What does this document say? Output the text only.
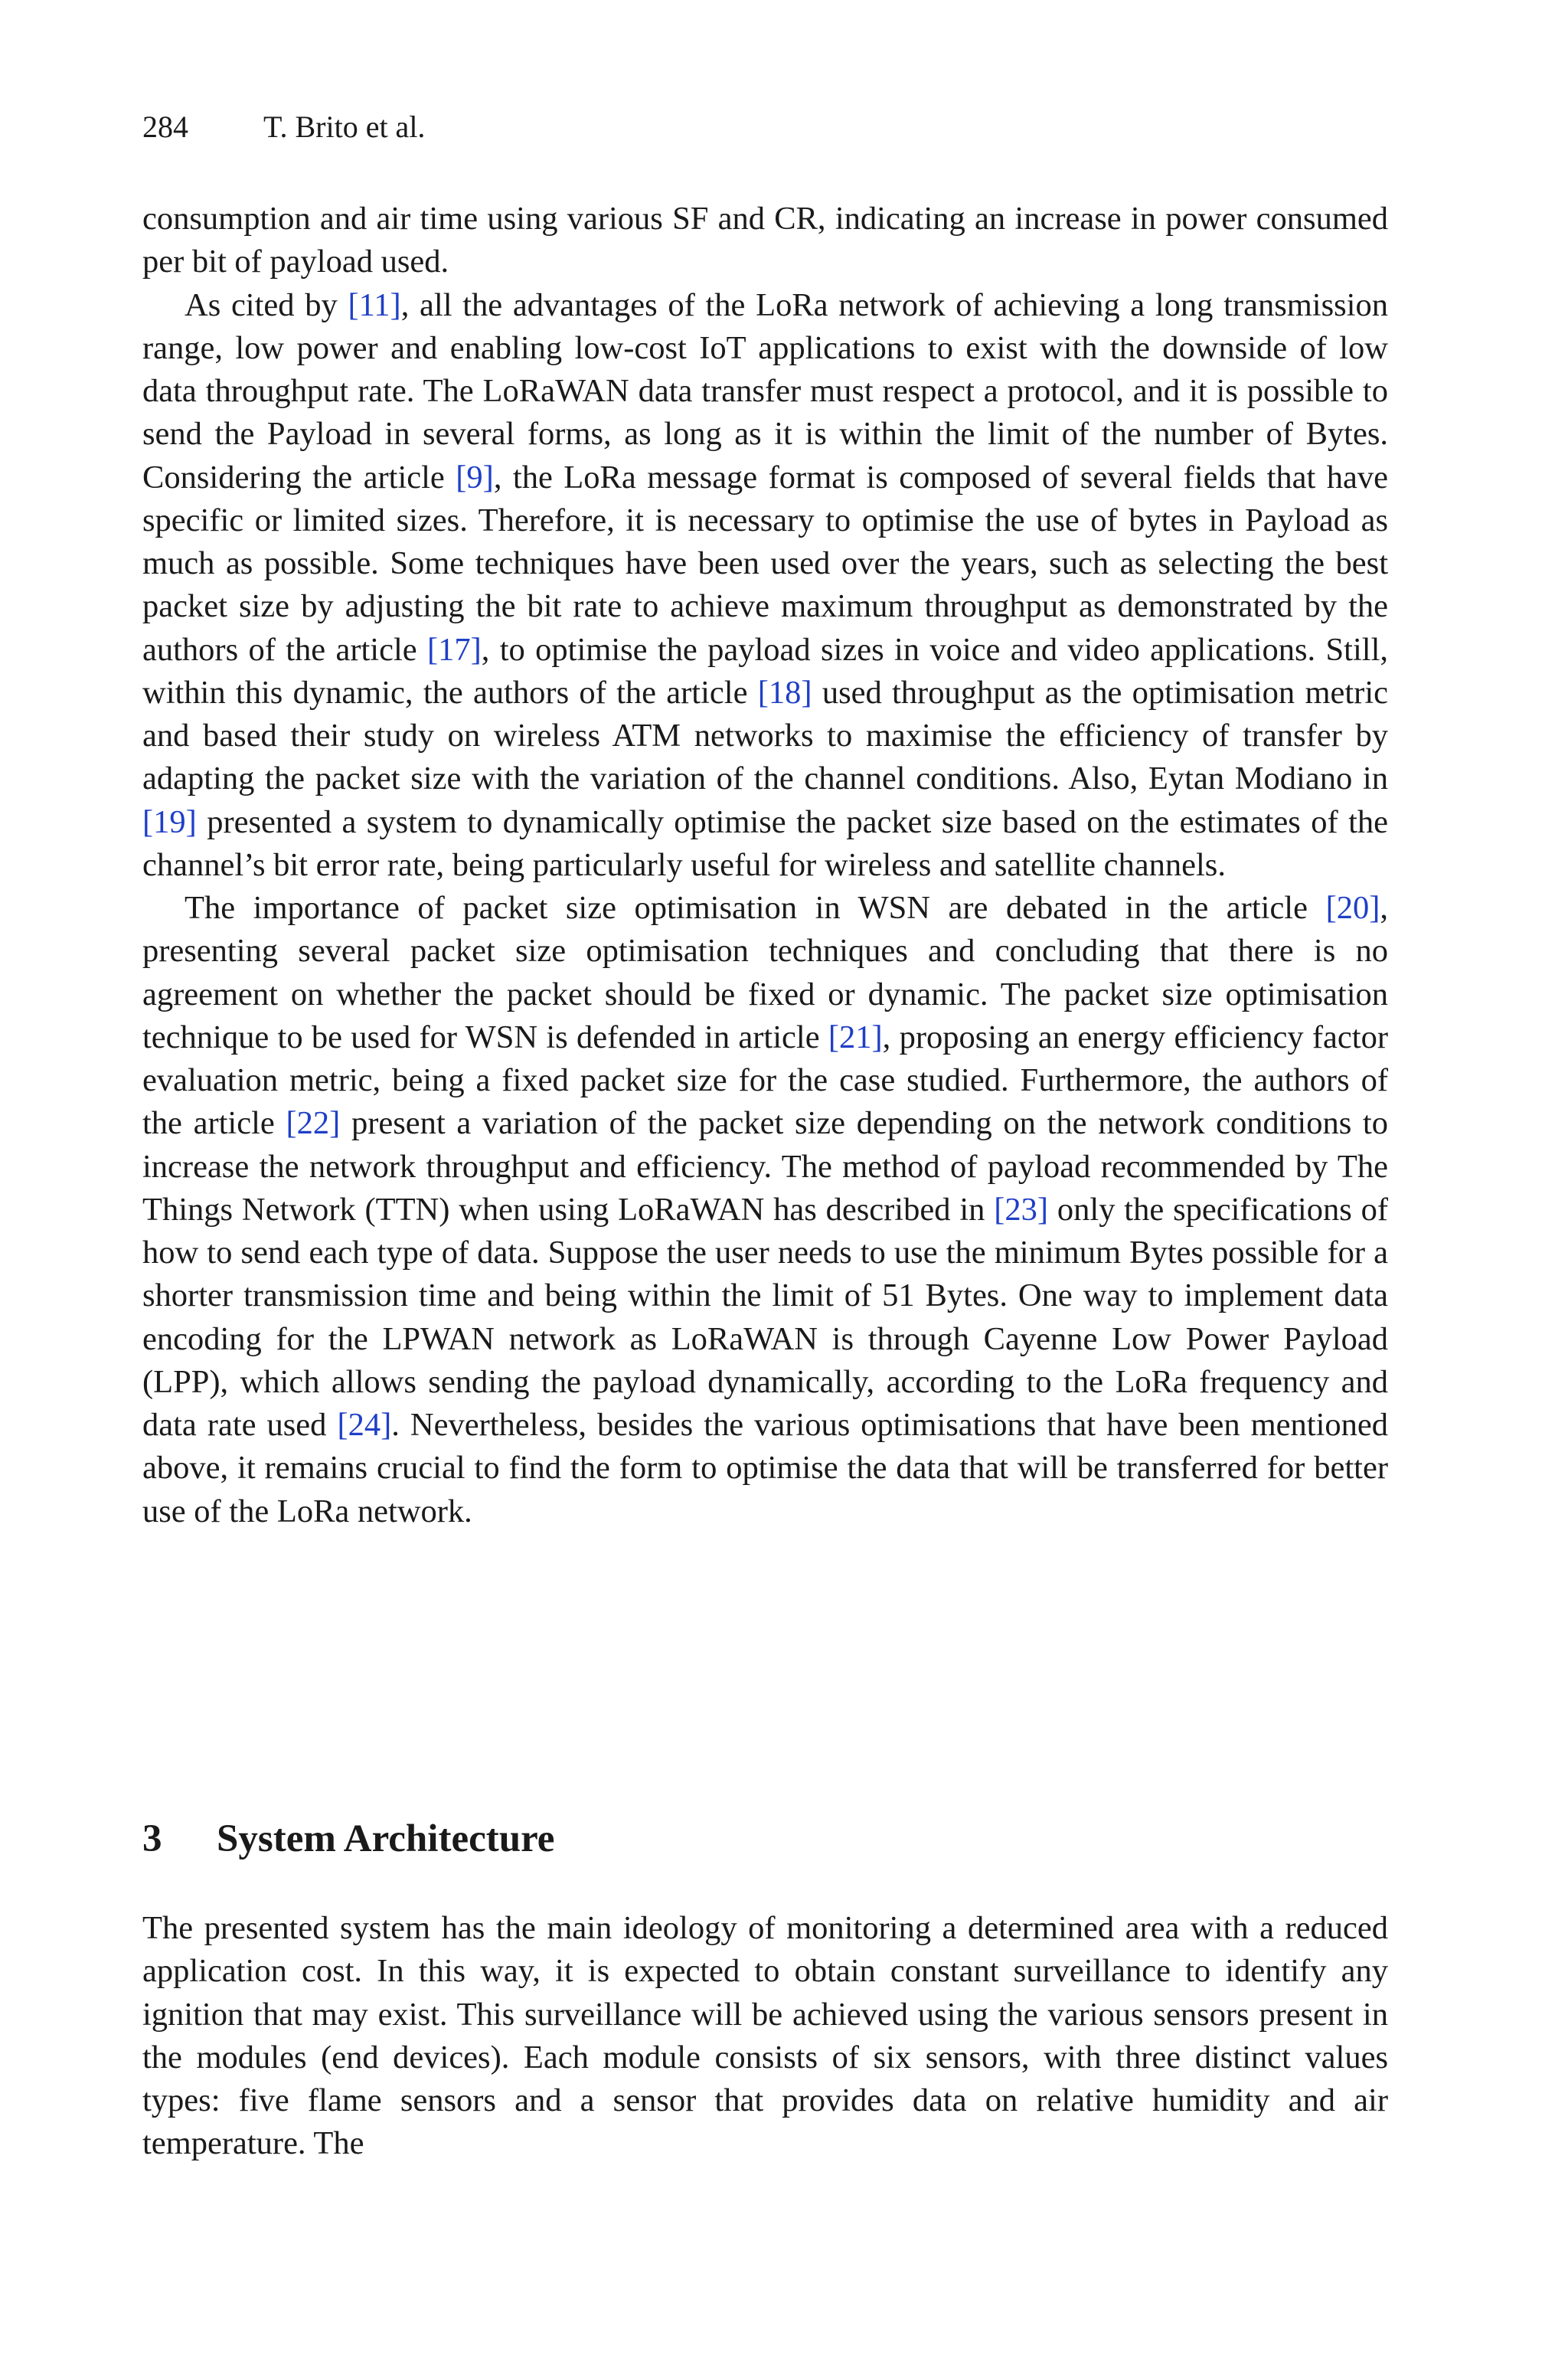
284 T. Brito et al.

consumption and air time using various SF and CR, indicating an increase in power consumed per bit of payload used.

As cited by [11], all the advantages of the LoRa network of achieving a long transmission range, low power and enabling low-cost IoT applications to exist with the downside of low data throughput rate. The LoRaWAN data transfer must respect a protocol, and it is possible to send the Payload in several forms, as long as it is within the limit of the number of Bytes. Considering the article [9], the LoRa message format is composed of several fields that have specific or limited sizes. Therefore, it is necessary to optimise the use of bytes in Payload as much as possible. Some techniques have been used over the years, such as selecting the best packet size by adjusting the bit rate to achieve maximum throughput as demonstrated by the authors of the article [17], to optimise the payload sizes in voice and video applications. Still, within this dynamic, the authors of the article [18] used throughput as the optimisation metric and based their study on wireless ATM networks to maximise the efficiency of transfer by adapting the packet size with the variation of the channel conditions. Also, Eytan Modiano in [19] presented a system to dynamically optimise the packet size based on the estimates of the channel’s bit error rate, being particularly useful for wireless and satellite channels.

The importance of packet size optimisation in WSN are debated in the article [20], presenting several packet size optimisation techniques and concluding that there is no agreement on whether the packet should be fixed or dynamic. The packet size optimisation technique to be used for WSN is defended in article [21], proposing an energy efficiency factor evaluation metric, being a fixed packet size for the case studied. Furthermore, the authors of the article [22] present a variation of the packet size depending on the network conditions to increase the network throughput and efficiency. The method of payload recommended by The Things Network (TTN) when using LoRaWAN has described in [23] only the specifications of how to send each type of data. Suppose the user needs to use the minimum Bytes possible for a shorter transmission time and being within the limit of 51 Bytes. One way to implement data encoding for the LPWAN network as LoRaWAN is through Cayenne Low Power Payload (LPP), which allows sending the payload dynamically, according to the LoRa frequency and data rate used [24]. Nevertheless, besides the various optimisations that have been mentioned above, it remains crucial to find the form to optimise the data that will be transferred for better use of the LoRa network.

3 System Architecture

The presented system has the main ideology of monitoring a determined area with a reduced application cost. In this way, it is expected to obtain constant surveillance to identify any ignition that may exist. This surveillance will be achieved using the various sensors present in the modules (end devices). Each module consists of six sensors, with three distinct values types: five flame sensors and a sensor that provides data on relative humidity and air temperature. The
